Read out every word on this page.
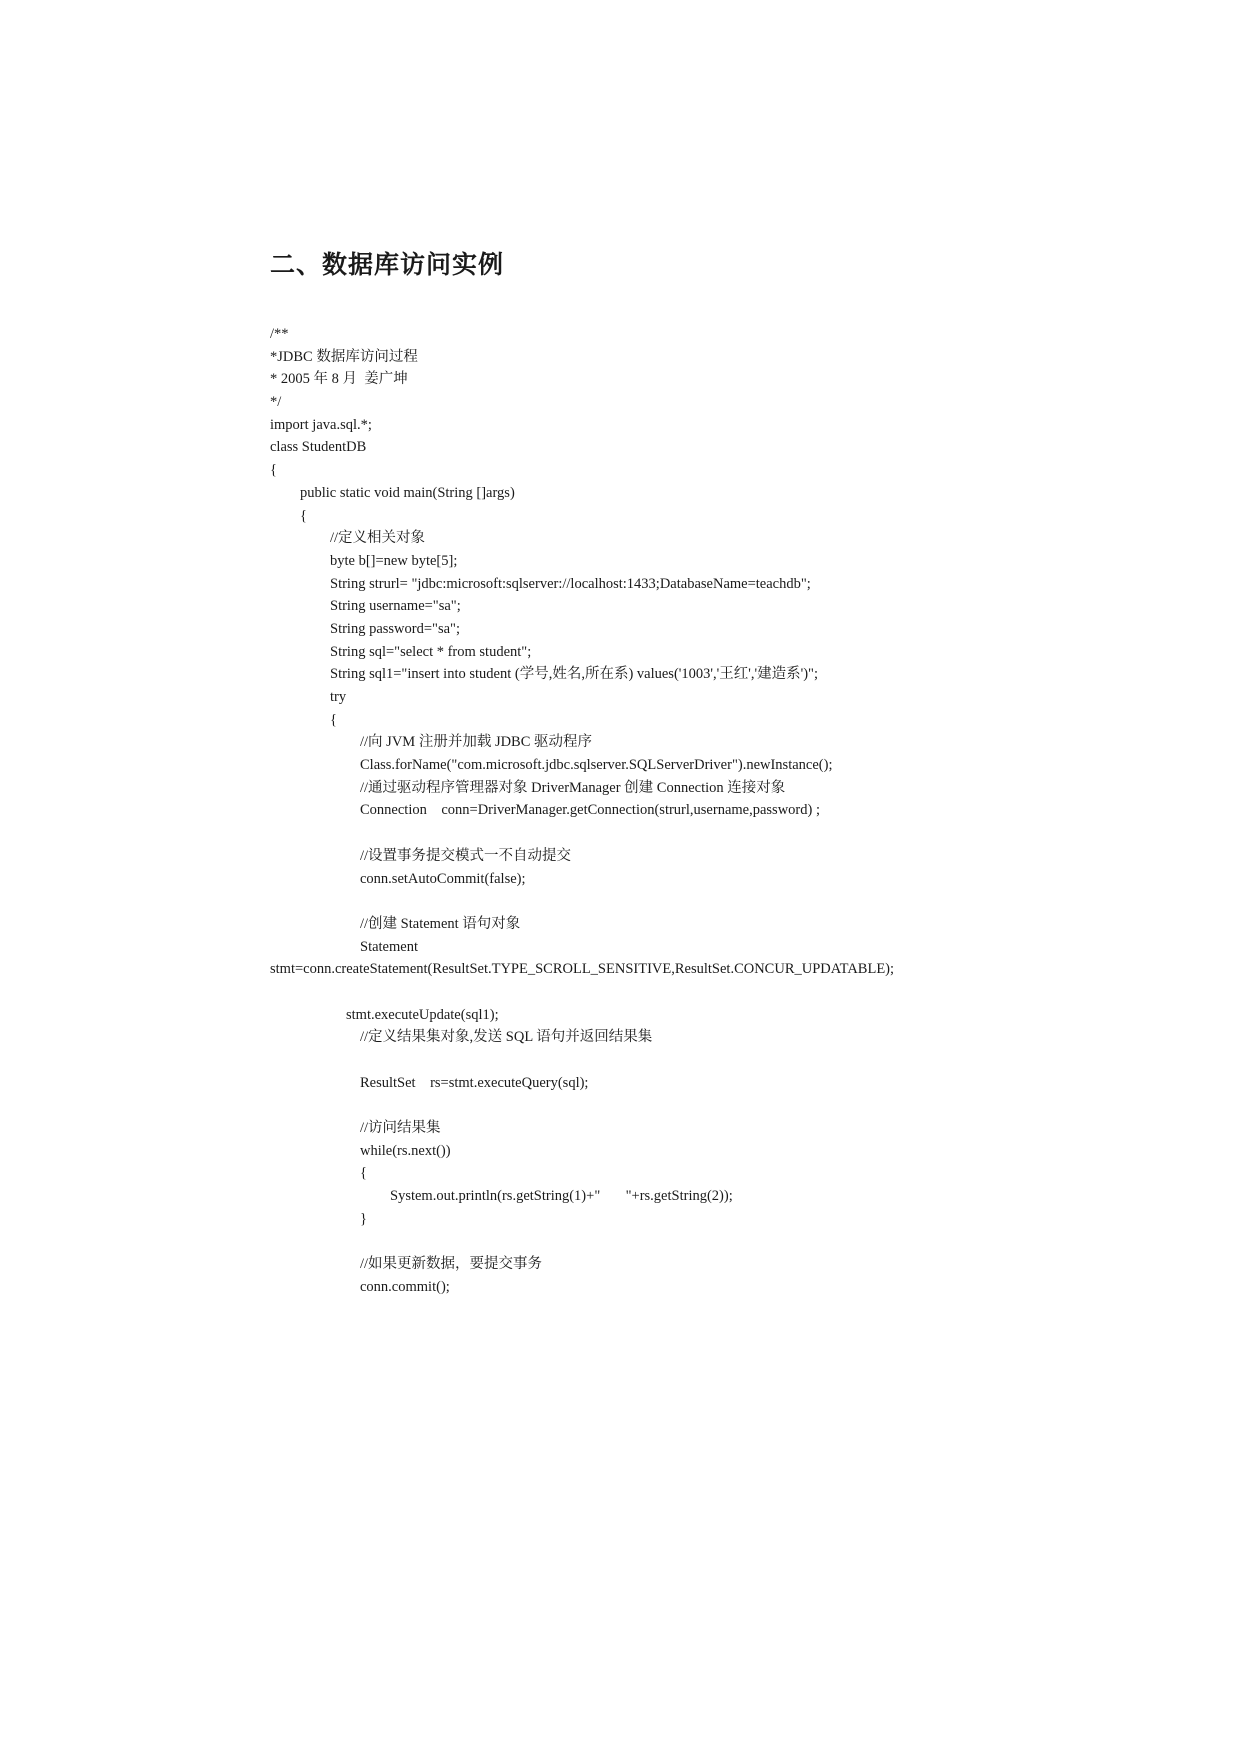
二、数据库访问实例
/**
*JDBC 数据库访问过程
* 2005 年 8 月  姜广坤
*/
import java.sql.*;
class StudentDB
{
public static void main(String []args)
{
//定义相关对象
byte b[]=new byte[5];
String strurl= "jdbc:microsoft:sqlserver://localhost:1433;DatabaseName=teachdb";
String username="sa";
String password="sa";
String sql="select * from student";
String sql1="insert into student (学号,姓名,所在系) values('1003','王红','建造系')";
try
{
//向 JVM 注册并加载 JDBC 驱动程序
Class.forName("com.microsoft.jdbc.sqlserver.SQLServerDriver").newInstance();
//通过驱动程序管理器对象 DriverManager 创建 Connection 连接对象
Connection    conn=DriverManager.getConnection(strurl,username,password) ;
//设置事务提交模式一不自动提交
conn.setAutoCommit(false);
//创建 Statement 语句对象
Statement
stmt=conn.createStatement(ResultSet.TYPE_SCROLL_SENSITIVE,ResultSet.CONCUR_UPDATABLE);
stmt.executeUpdate(sql1);
//定义结果集对象,发送 SQL 语句并返回结果集
ResultSet    rs=stmt.executeQuery(sql);
//访问结果集
while(rs.next())
{
System.out.println(rs.getString(1)+"       "+rs.getString(2));
}
//如果更新数据，要提交事务
conn.commit();
